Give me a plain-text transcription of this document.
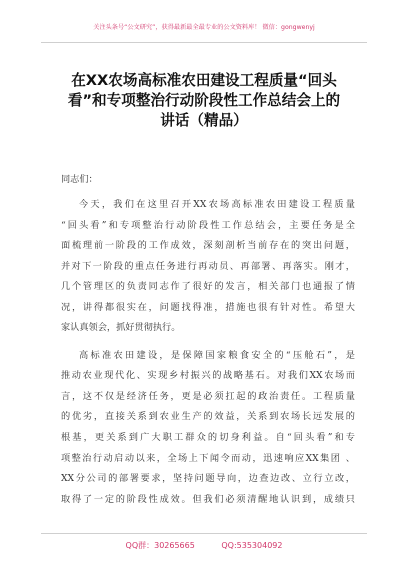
关注头条号“公文研究”，获得最新最全最专业的公文资料库！ 微信：gongwenyj
在XX农场高标准农田建设工程质量“回头
看”和专项整治行动阶段性工作总结会上的
讲话（精品）
同志们：
今天，我们在这里召开XX农场高标准农田建设工程质量
“回头看”和专项整治行动阶段性工作总结会，主要任务是全
面梳理前一阶段的工作成效，深刻剖析当前存在的突出问题，
并对下一阶段的重点任务进行再动员、再部署、再落实。刚才，
几个管理区的负责同志作了很好的发言，相关部门也通报了情
况，讲得都很实在，问题找得准，措施也很有针对性。希望大
家认真领会，抓好贯彻执行。
高标准农田建设，是保障国家粮食安全的“压舱石”，是
推动农业现代化、实现乡村振兴的战略基石。对我们XX农场而
言，这不仅是经济任务，更是必须扛起的政治责任。工程质量
的优劣，直接关系到农业生产的效益，关系到农场长远发展的
根基，更关系到广大职工群众的切身利益。自“回头看”和专
项整治行动启动以来，全场上下闻令而动，迅速响应XX集团 、
XX分公司的部署要求，坚持问题导向，边查边改、立行立改，
取得了一定的阶段性成效。但我们必须清醒地认识到，成绩只
QQ群：30265665	QQ:535304092
